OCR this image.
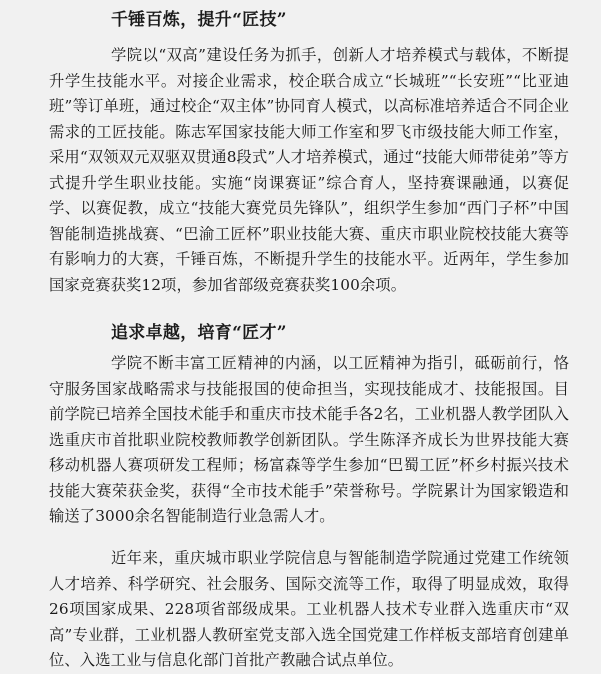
千锤百炼，提升“匠技”

学院以“双高”建设任务为抓手，创新人才培养模式与载体，不断提升学生技能水平。对接企业需求，校企联合成立“长城班”“长安班”“比亚迪班”等订单班，通过校企“双主体”协同育人模式，以高标准培养适合不同企业需求的工匠技能。陈志军国家技能大师工作室和罗飞市级技能大师工作室，采用“双领双元双驱双贯通8段式”人才培养模式，通过“技能大师带徒弟”等方式提升学生职业技能。实施“岗课赛证”综合育人，坚持赛课融通，以赛促学、以赛促教，成立“技能大赛党员先锋队”，组织学生参加“西门子杯”中国智能制造挑战赛、“巴渝工匠杯”职业技能大赛、重庆市职业院校技能大赛等有影响力的大赛，千锤百炼，不断提升学生的技能水平。近两年，学生参加国家竞赛获奖12项，参加省部级竞赛获奖100余项。

追求卓越，培育“匠才”

学院不断丰富工匠精神的内涵，以工匠精神为指引，砥砺前行，恪守服务国家战略需求与技能报国的使命担当，实现技能成才、技能报国。目前学院已培养全国技术能手和重庆市技术能手各2名，工业机器人教学团队入选重庆市首批职业院校教师教学创新团队。学生陈泽齐成长为世界技能大赛移动机器人赛项研发工程师；杨富森等学生参加“巴蜀工匠”杯乡村振兴技术技能大赛荣获金奖，获得“全市技术能手”荣誉称号。学院累计为国家锻造和输送了3000余名智能制造行业急需人才。

近年来，重庆城市职业学院信息与智能制造学院通过党建工作统领人才培养、科学研究、社会服务、国际交流等工作，取得了明显成效，取得26项国家成果、228项省部级成果。工业机器人技术专业群入选重庆市“双高”专业群，工业机器人教研室党支部入选全国党建工作样板支部培育创建单位、入选工业与信息化部门首批产教融合试点单位。
